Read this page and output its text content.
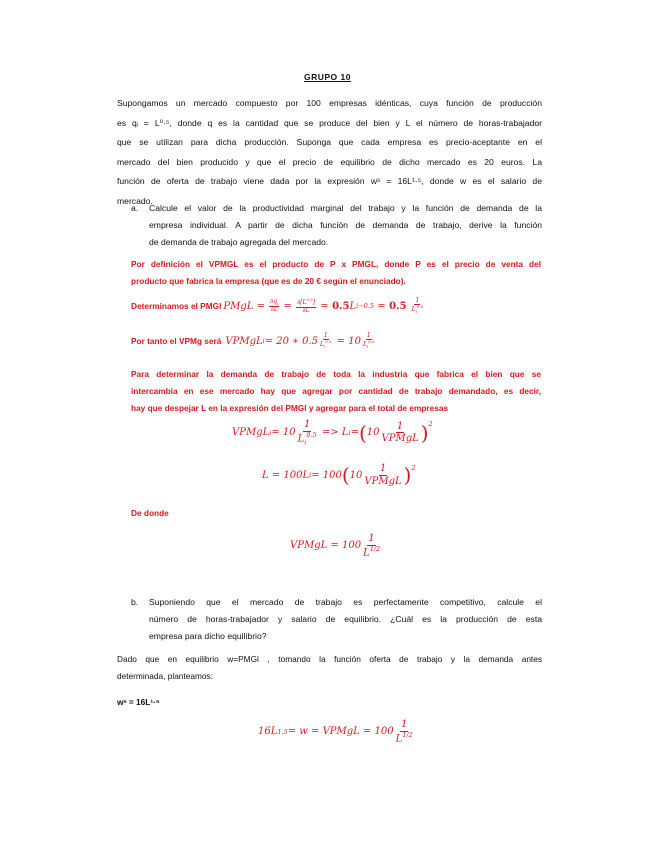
GRUPO 10
Supongamos un mercado compuesto por 100 empresas idénticas, cuya función de producción
es qᵢ = L⁰·⁵, donde q es la cantidad que se produce del bien y L el número de horas-trabajador
que se utilizan para dicha producción. Suponga que cada empresa es precio-aceptante en el
mercado del bien producido y que el precio de equilibrio de dicho mercado es 20 euros. La
función de oferta de trabajo viene dada por la expresión wˢ = 16L¹·⁵, donde w es el salario de
mercado.
a. Calcule el valor de la productividad marginal del trabajo y la función de demanda de la
empresa individual. A partir de dicha función de demanda de trabajo, derive la función
de demanda de trabajo agregada del mercado.
Por definición el VPMGL es el producto de P x PMGL, donde P es el precio de venta del
producto que fabrica la empresa (que es de 20 € según el enunciado).
Determinamos el PMGl PMgL = $\frac{\partial q_i}{\partial L} = \frac{\partial[L^{0.5}]}{\partial L} = 0.5$ L i −0.5 = 0.5
$\frac{1}{L_i^{0.5}}$
Por tanto el VPMg será VPMgL i = 20 ∗ $0.5 \frac{1}{L_i^{0.5}} = 10 \frac{1}{L_i^{0.5}}$
Para determinar la demanda de trabajo de toda la industria que fabrica el bien que se
intercambia en ese mercado hay que agregar por cantidad de trabajo demandado, es decir,
hay que despejar L en la expresión del PMGl y agregar para el total de empresas
VPMgL $i = 10 \frac{1}{L_i^{0.5}} => L$ i = ( $10 \frac{1}{\text{VPMgL}} )^2$
L = 100L i = 100 ( $10 \frac{1}{\text{VPMgL}} )^2$
De donde
VPMgL = $100 \frac{1}{L^{1/2}}$
b. Suponiendo que el mercado de trabajo es perfectamente competitivo, calcule el
número de horas-trabajador y salario de equilibrio. ¿Cuál es la producción de esta
empresa para dicho equilibrio?
Dado que en equilibrio w=PMGl , tomando la función oferta de trabajo y la demanda antes
determinada, planteamos:
wˢ = 16L¹·⁵
16L 1.5 = w = VPMgL = $100 \frac{1}{L^{1/2}}$
